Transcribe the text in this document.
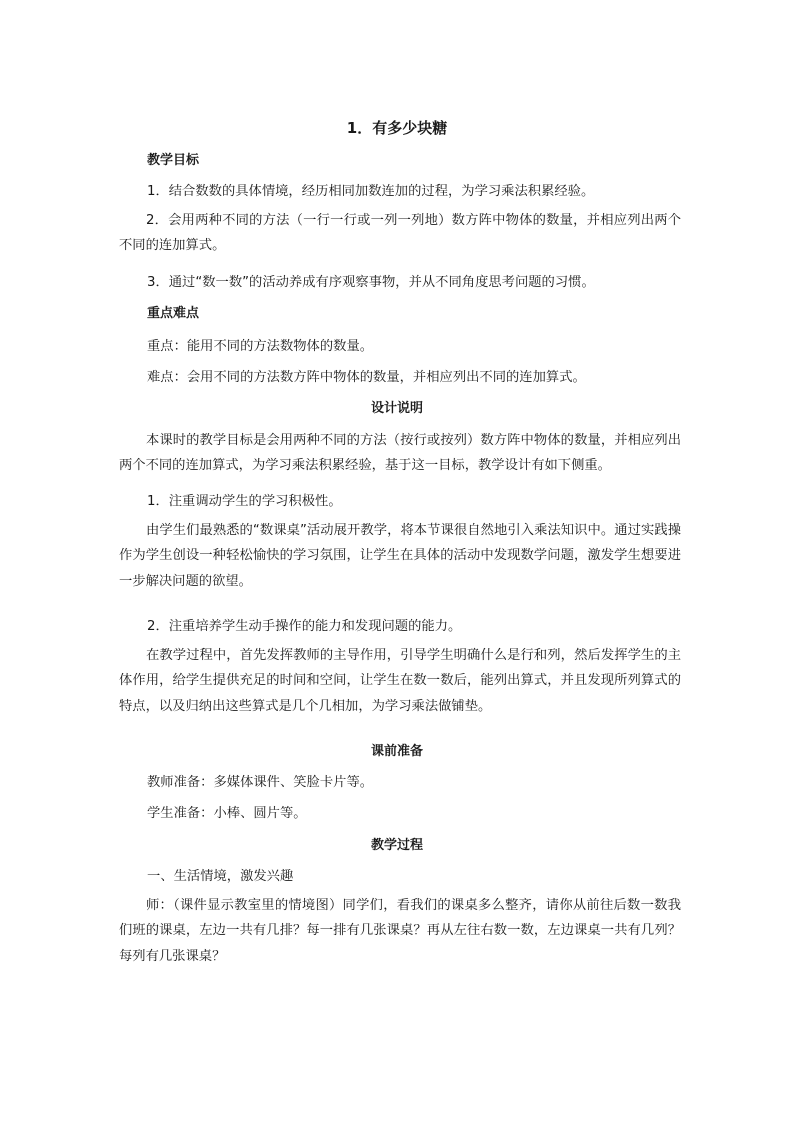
1．有多少块糖
教学目标
1．结合数数的具体情境，经历相同加数连加的过程，为学习乘法积累经验。
2．会用两种不同的方法（一行一行或一列一列地）数方阵中物体的数量，并相应列出两个不同的连加算式。
3．通过“数一数”的活动养成有序观察事物，并从不同角度思考问题的习惯。
重点难点
重点：能用不同的方法数物体的数量。
难点：会用不同的方法数方阵中物体的数量，并相应列出不同的连加算式。
设计说明
本课时的教学目标是会用两种不同的方法（按行或按列）数方阵中物体的数量，并相应列出两个不同的连加算式，为学习乘法积累经验，基于这一目标，教学设计有如下侧重。
1．注重调动学生的学习积极性。
由学生们最熟悉的“数课桌”活动展开教学，将本节课很自然地引入乘法知识中。通过实践操作为学生创设一种轻松愉快的学习氛围，让学生在具体的活动中发现数学问题，激发学生想要进一步解决问题的欲望。
2．注重培养学生动手操作的能力和发现问题的能力。
在教学过程中，首先发挥教师的主导作用，引导学生明确什么是行和列，然后发挥学生的主体作用，给学生提供充足的时间和空间，让学生在数一数后，能列出算式，并且发现所列算式的特点，以及归纳出这些算式是几个几相加，为学习乘法做铺垫。
课前准备
教师准备：多媒体课件、笑脸卡片等。
学生准备：小棒、圆片等。
教学过程
一、生活情境，激发兴趣
师：（课件显示教室里的情境图）同学们，看我们的课桌多么整齐，请你从前往后数一数我们班的课桌，左边一共有几排？每一排有几张课桌？再从左往右数一数，左边课桌一共有几列？每列有几张课桌？
